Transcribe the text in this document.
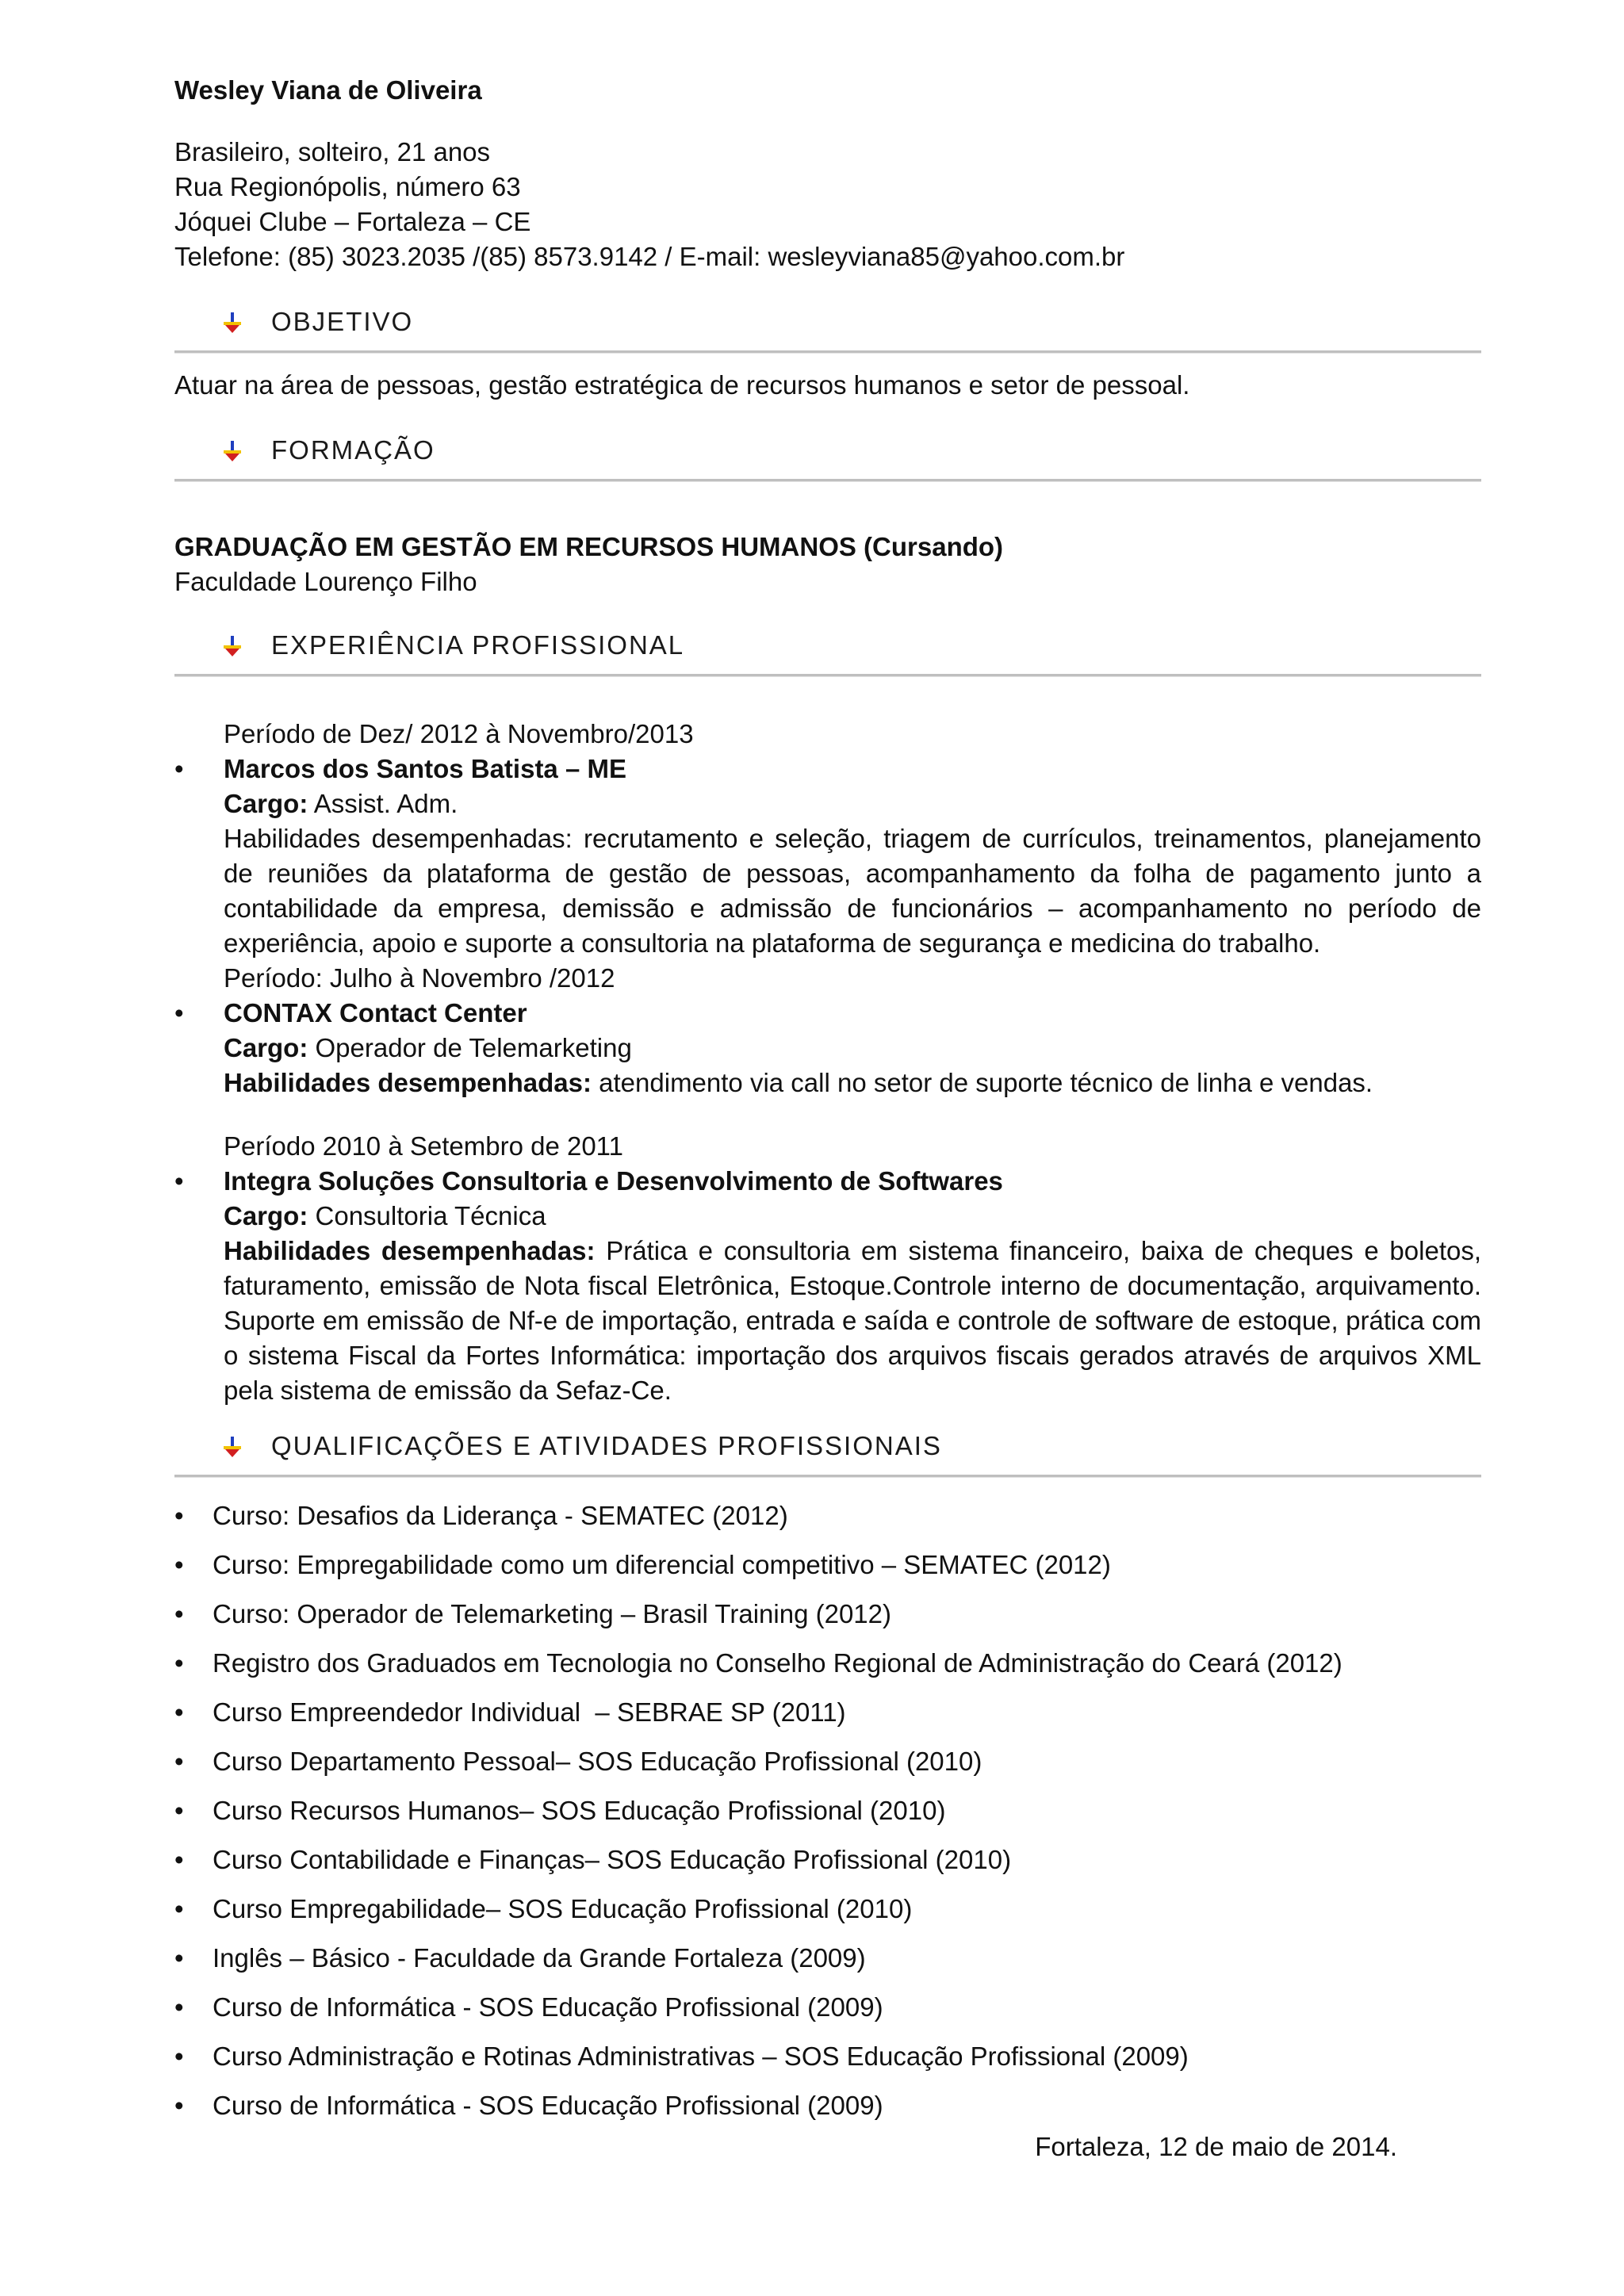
Wesley Viana de Oliveira

Brasileiro, solteiro, 21 anos

Rua Regionópolis, número 63

Jóquei Clube – Fortaleza – CE

Telefone: (85) 3023.2035 /(85) 8573.9142 / E-mail: wesleyviana85@yahoo.com.br

OBJETIVO

Atuar na área de pessoas, gestão estratégica de recursos humanos e setor de pessoal.

FORMAÇÃO

GRADUAÇÃO EM GESTÃO EM RECURSOS HUMANOS (Cursando)

Faculdade Lourenço Filho

EXPERIÊNCIA PROFISSIONAL

Período de Dez/ 2012 à Novembro/2013

• Marcos dos Santos Batista – ME

Cargo: Assist. Adm.

Habilidades desempenhadas: recrutamento e seleção, triagem de currículos, treinamentos, planejamento de reuniões da plataforma de gestão de pessoas, acompanhamento da folha de pagamento junto a contabilidade da empresa, demissão e admissão de funcionários – acompanhamento no período de experiência, apoio e suporte a consultoria na plataforma de segurança e medicina do trabalho.

Período: Julho à Novembro /2012

• CONTAX Contact Center

Cargo: Operador de Telemarketing

Habilidades desempenhadas: atendimento via call no setor de suporte técnico de linha e vendas.

Período 2010 à Setembro de 2011

• Integra Soluções Consultoria e Desenvolvimento de Softwares

Cargo: Consultoria Técnica

Habilidades desempenhadas: Prática e consultoria em sistema financeiro, baixa de cheques e boletos, faturamento, emissão de Nota fiscal Eletrônica, Estoque.Controle interno de documentação, arquivamento. Suporte em emissão de Nf-e de importação, entrada e saída e controle de software de estoque, prática com o sistema Fiscal da Fortes Informática: importação dos arquivos fiscais gerados através de arquivos XML pela sistema de emissão da Sefaz-Ce.

QUALIFICAÇÕES E ATIVIDADES PROFISSIONAIS
• Curso: Desafios da Liderança - SEMATEC (2012)
• Curso: Empregabilidade como um diferencial competitivo – SEMATEC (2012)
• Curso: Operador de Telemarketing – Brasil Training (2012)
• Registro dos Graduados em Tecnologia no Conselho Regional de Administração do Ceará (2012)
• Curso Empreendedor Individual  – SEBRAE SP (2011)
• Curso Departamento Pessoal– SOS Educação Profissional (2010)
• Curso Recursos Humanos– SOS Educação Profissional (2010)
• Curso Contabilidade e Finanças– SOS Educação Profissional (2010)
• Curso Empregabilidade– SOS Educação Profissional (2010)
• Inglês – Básico - Faculdade da Grande Fortaleza (2009)
• Curso de Informática - SOS Educação Profissional (2009)
• Curso Administração e Rotinas Administrativas – SOS Educação Profissional (2009)
• Curso de Informática - SOS Educação Profissional (2009)

Fortaleza, 12 de maio de 2014.
